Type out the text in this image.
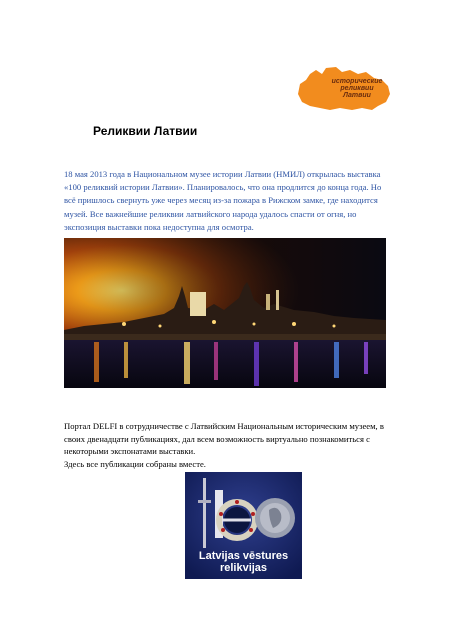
исторические
реликвии
Латвии
Реликвии Латвии
18 мая 2013 года в Национальном музее истории Латвии (НМИЛ) открылась выставка «100 реликвий истории Латвии». Планировалось, что она продлится до конца года. Но всё пришлось свернуть уже через месяц из-за пожара в Рижском замке, где находится музей. Все важнейшие реликвии латвийского народа удалось спасти от огня, но экспозиция выставки пока недоступна для осмотра.

Портал DELFI в сотрудничестве с Латвийским Национальным историческим музеем, в своих двенадцати публикациях, дал всем возможность виртуально познакомиться с некоторыми экспонатами выставки.

Здесь все публикации собраны вместе.

Latvijas vēstures
relikvijas
